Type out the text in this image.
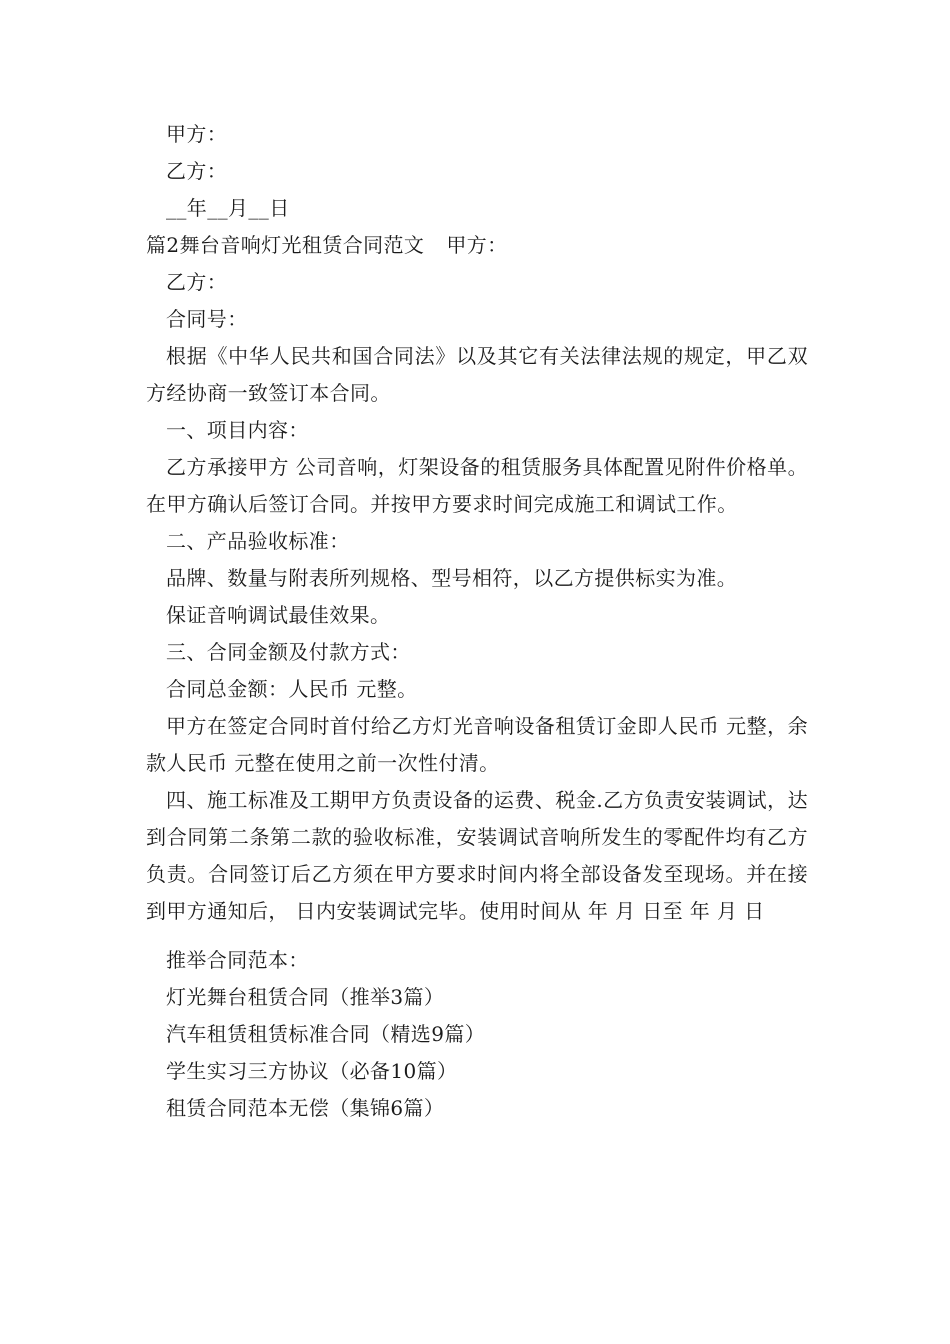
甲方：
乙方：
__年__月__日
篇2舞台音响灯光租赁合同范文 甲方：
乙方：
合同号：

根据《中华人民共和国合同法》以及其它有关法律法规的规定，甲乙双方经协商一致签订本合同。

一、项目内容：

乙方承接甲方 公司音响，灯架设备的租赁服务具体配置见附件价格单。在甲方确认后签订合同。并按甲方要求时间完成施工和调试工作。

二、产品验收标准：
品牌、数量与附表所列规格、型号相符，以乙方提供标实为准。
保证音响调试最佳效果。
三、合同金额及付款方式：
合同总金额：人民币 元整。

甲方在签定合同时首付给乙方灯光音响设备租赁订金即人民币 元整，余款人民币 元整在使用之前一次性付清。

四、施工标准及工期甲方负责设备的运费、税金.乙方负责安装调试，达到合同第二条第二款的验收标准，安装调试音响所发生的零配件均有乙方负责。合同签订后乙方须在甲方要求时间内将全部设备发至现场。并在接到甲方通知后， 日内安装调试完毕。使用时间从 年 月 日至 年 月 日

推举合同范本：
灯光舞台租赁合同（推举3篇）
汽车租赁租赁标准合同（精选9篇）
学生实习三方协议（必备10篇）
租赁合同范本无偿（集锦6篇）
